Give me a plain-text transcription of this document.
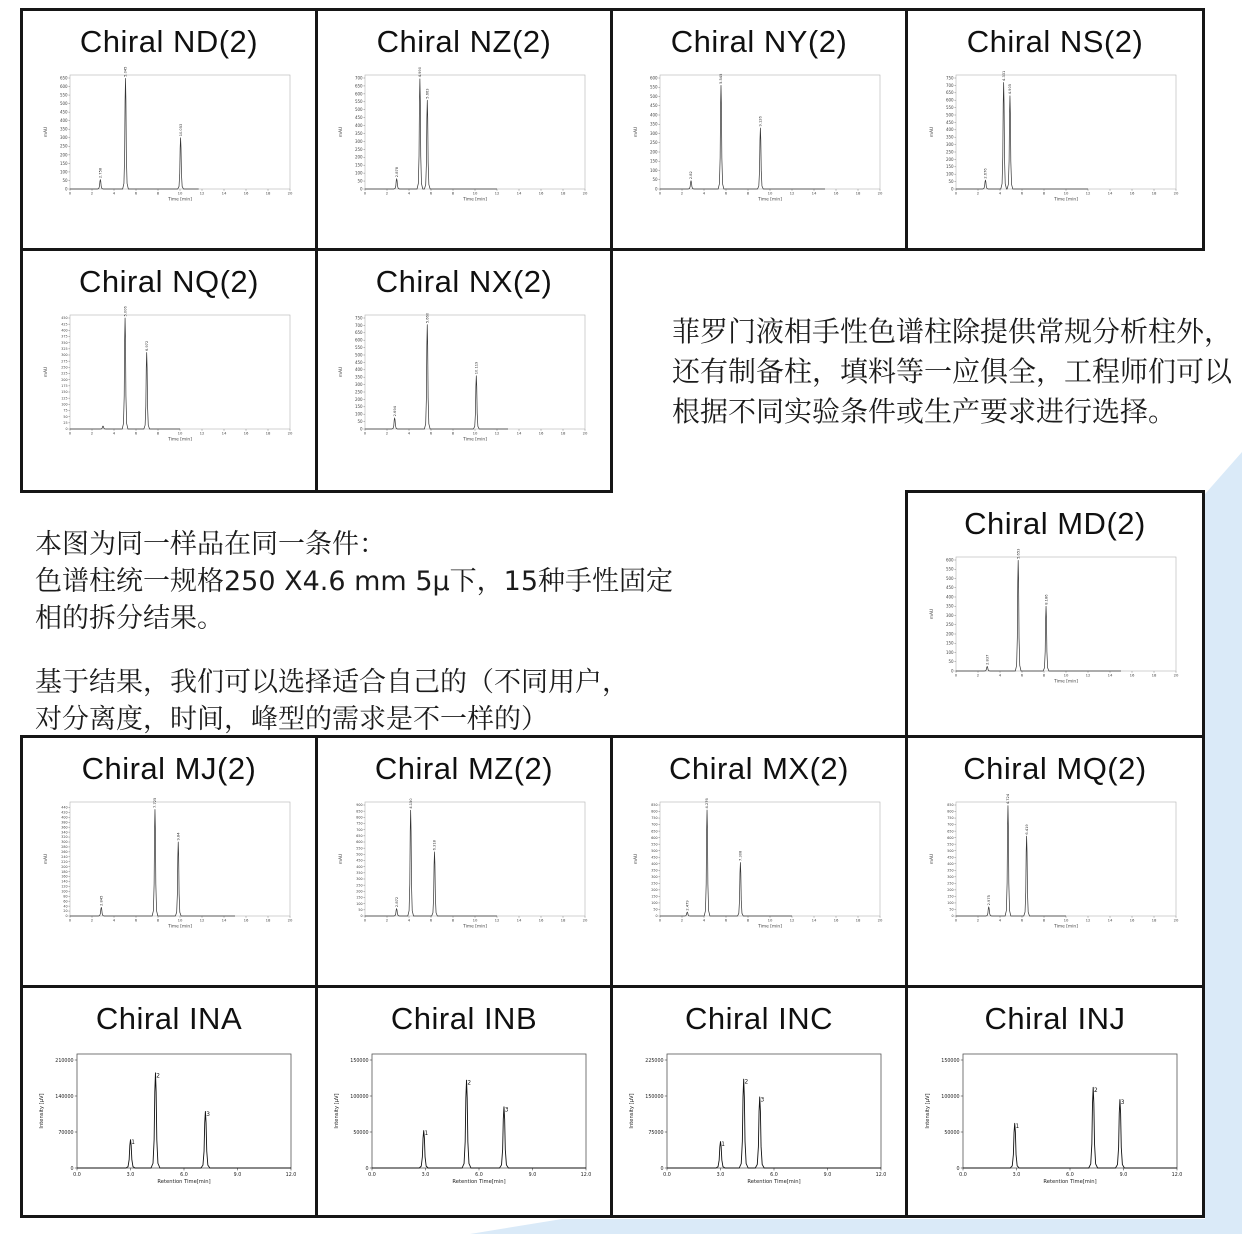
Chiral ND(2)
0
50
100
150
200
250
300
350
400
450
500
550
600
650
0	2	4	6	8	10	12	14	16	18	20
Time [min]
mAU
2.758
5.045
10.053
Chiral NZ(2)
0
50
100
150
200
250
300
350
400
450
500
550
600
650
700
0	2	4	6	8	10	12	14	16	18	20
Time [min]
mAU
2.878
4.990
5.663
Chiral NY(2)
0
50
100
150
200
250
300
350
400
450
500
550
600
0	2	4	6	8	10	12	14	16	18	20
Time [min]
mAU
2.82
5.545
9.126
Chiral NS(2)
0
50
100
150
200
250
300
350
400
450
500
550
600
650
700
750
0	2	4	6	8	10	12	14	16	18	20
Time [min]
mAU
2.676
4.331
4.905
Chiral NQ(2)
0
25
50
75
100
125
150
175
200
225
250
275
300
325
350
375
400
425
450
0	2	4	6	8	10	12	14	16	18	20
Time [min]
mAU
5.006
6.972
Chiral NX(2)
0
50
100
150
200
250
300
350
400
450
500
550
600
650
700
750
0	2	4	6	8	10	12	14	16	18	20
Time [min]
mAU
2.694
5.660
10.119
菲罗门液相手性色谱柱除提供常规分析柱外，
还有制备柱，填料等一应俱全，工程师们可以
根据不同实验条件或生产要求进行选择。
本图为同一样品在同一条件：
色谱柱统一规格250 X4.6 mm 5μ下，15种手性固定
相的拆分结果。
基于结果，我们可以选择适合自己的（不同用户，
对分离度，时间，峰型的需求是不一样的）
Chiral MD(2)
0
50
100
150
200
250
300
350
400
450
500
550
600
0	2	4	6	8	10	12	14	16	18	20
Time [min]
mAU
2.837
5.653
8.186
Chiral MJ(2)
0
20
40
60
80
100
120
140
160
180
200
220
240
260
280
300
320
340
360
380
400
420
440
0	2	4	6	8	10	12	14	16	18	20
Time [min]
mAU
2.845
7.725
9.84
Chiral MZ(2)
0
50
100
150
200
250
300
350
400
450
500
550
600
650
700
750
800
850
900
0	2	4	6	8	10	12	14	16	18	20
Time [min]
mAU
2.872
4.150
6.318
Chiral MX(2)
0
50
100
150
200
250
300
350
400
450
500
550
600
650
700
750
800
850
0	2	4	6	8	10	12	14	16	18	20
Time [min]
mAU
2.479
4.276
7.308
Chiral MQ(2)
0
50
100
150
200
250
300
350
400
450
500
550
600
650
700
750
800
850
0	2	4	6	8	10	12	14	16	18	20
Time [min]
mAU
2.975
4.724
6.419
Chiral INA
0
70000
140000
210000
0.0	3.0	6.0	9.0	12.0
Retention Time[min]
Intensity [μV]
1
2
3
Chiral INB
0
50000
100000
150000
0.0	3.0	6.0	9.0	12.0
Retention Time[min]
Intensity [μV]
1
2
3
Chiral INC
0
75000
150000
225000
0.0	3.0	6.0	9.0	12.0
Retention Time[min]
Intensity [μV]
1
2
3
Chiral INJ
0
50000
100000
150000
0.0	3.0	6.0	9.0	12.0
Retention Time[min]
Intensity [μV]	1
2
3
